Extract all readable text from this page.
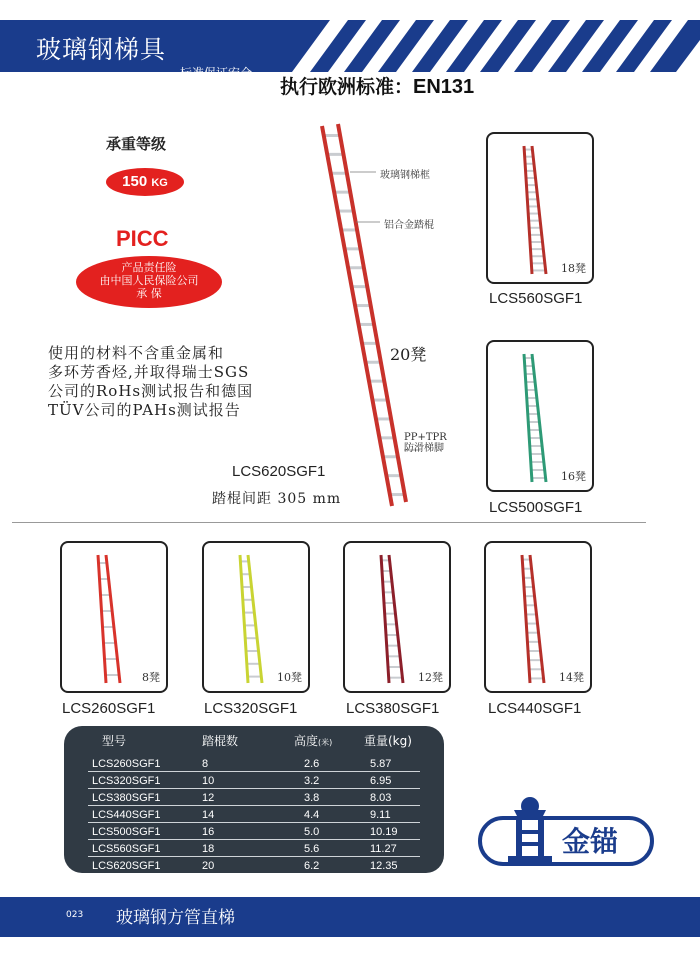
玻璃钢梯具
标准保证安全
执行欧洲标准：EN131
承重等级
150 KG
PICC
产品责任险
由中国人民保险公司
承 保
使用的材料不含重金属和
多环芳香烃,并取得瑞士SGS
公司的RoHs测试报告和德国
TÜV公司的PAHs测试报告
玻璃钢梯框
铝合金踏棍
PP+TPR
防滑梯脚
20凳
LCS620SGF1
踏棍间距 305 mm
18凳
LCS560SGF1
16凳
LCS500SGF1
8凳
LCS260SGF1
10凳
LCS320SGF1
12凳
LCS380SGF1
14凳
LCS440SGF1
型号	踏棍数	高度(米)	重量(kg)
LCS260SGF1	8	2.6	5.87
LCS320SGF1	10	3.2	6.95
LCS380SGF1	12	3.8	8.03
LCS440SGF1	14	4.4	9.11
LCS500SGF1	16	5.0	10.19
LCS560SGF1	18	5.6	11.27
LCS620SGF1	20	6.2	12.35
金锚
023 玻璃钢方管直梯
